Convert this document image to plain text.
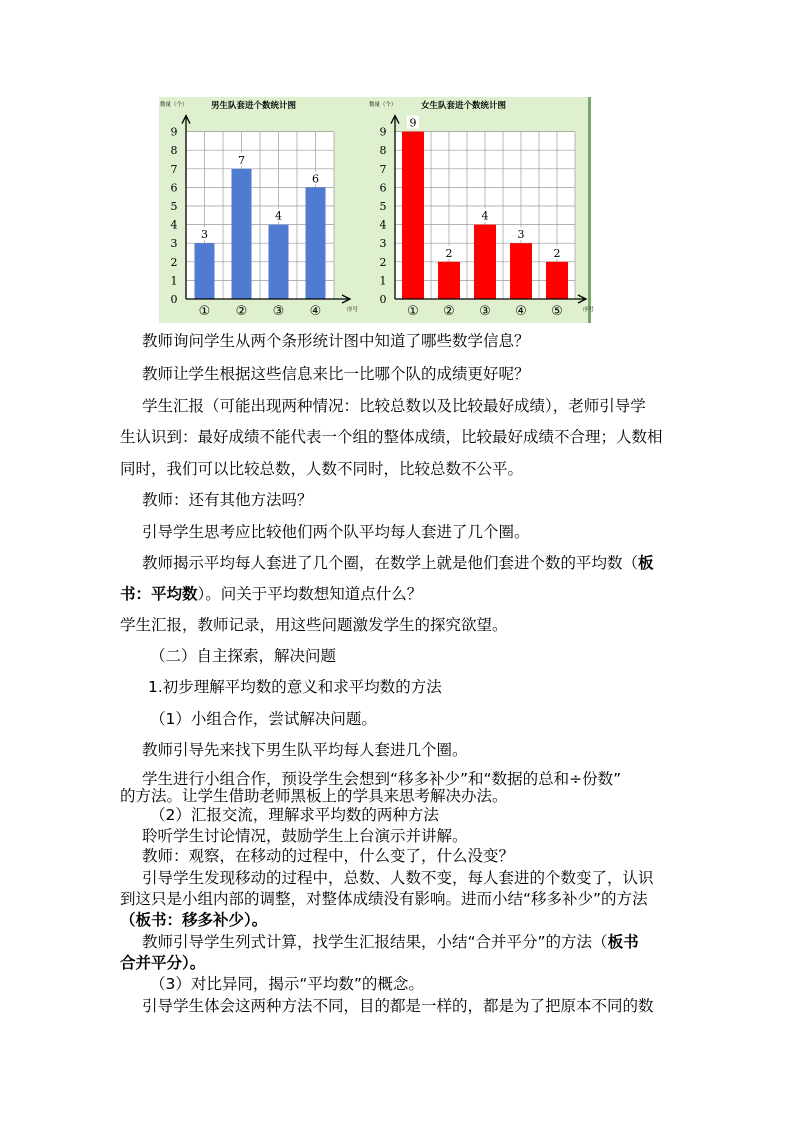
3
①
7
②
4
③
6
④
0
1
2
3
4
5
6
7
8
9
男生队套进个数统计图
数量（个）
序号
9
①
2
②
4
③
3
④
2
⑤
0
1
2
3
4
5
6
7
8
9
女生队套进个数统计图
数量（个）
序号
教师询问学生从两个条形统计图中知道了哪些数学信息？
教师让学生根据这些信息来比一比哪个队的成绩更好呢？
学生汇报（可能出现两种情况：比较总数以及比较最好成绩），老师引导学
生认识到：最好成绩不能代表一个组的整体成绩，比较最好成绩不合理；人数相
同时，我们可以比较总数，人数不同时，比较总数不公平。
教师：还有其他方法吗？
引导学生思考应比较他们两个队平均每人套进了几个圈。
教师揭示平均每人套进了几个圈，在数学上就是他们套进个数的平均数（板
书：平均数）。问关于平均数想知道点什么？
学生汇报，教师记录，用这些问题激发学生的探究欲望。
（二）自主探索，解决问题
1.初步理解平均数的意义和求平均数的方法
（1）小组合作，尝试解决问题。
教师引导先来找下男生队平均每人套进几个圈。
学生进行小组合作，预设学生会想到“移多补少”和“数据的总和÷份数”
的方法。让学生借助老师黑板上的学具来思考解决办法。
（2）汇报交流，理解求平均数的两种方法
聆听学生讨论情况，鼓励学生上台演示并讲解。
教师：观察，在移动的过程中，什么变了，什么没变？
引导学生发现移动的过程中，总数、人数不变，每人套进的个数变了，认识
到这只是小组内部的调整，对整体成绩没有影响。进而小结“移多补少”的方法
（板书：移多补少）。
教师引导学生列式计算，找学生汇报结果，小结“合并平分”的方法（板书
合并平分）。
（3）对比异同，揭示“平均数”的概念。
引导学生体会这两种方法不同，目的都是一样的，都是为了把原本不同的数
